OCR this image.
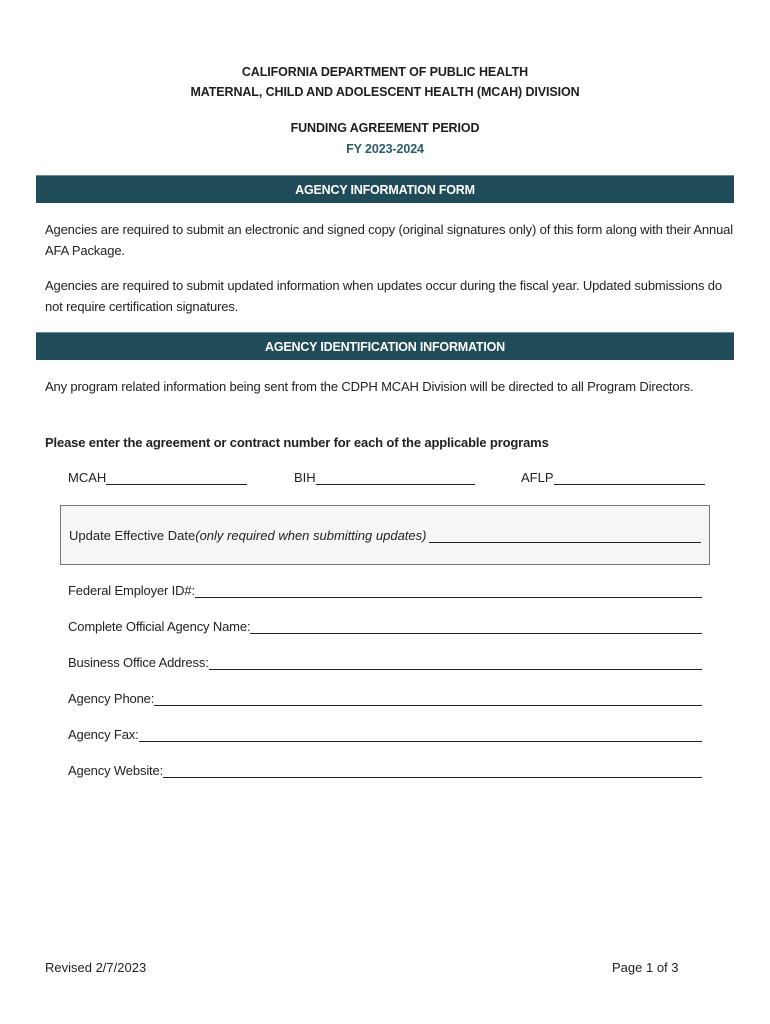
CALIFORNIA DEPARTMENT OF PUBLIC HEALTH
MATERNAL, CHILD AND ADOLESCENT HEALTH (MCAH) DIVISION
FUNDING AGREEMENT PERIOD
FY 2023-2024
AGENCY INFORMATION FORM
Agencies are required to submit an electronic and signed copy (original signatures only) of this form along with their Annual AFA Package.
Agencies are required to submit updated information when updates occur during the fiscal year. Updated submissions do not require certification signatures.
AGENCY IDENTIFICATION INFORMATION
Any program related information being sent from the CDPH MCAH Division will be directed to all Program Directors.
Please enter the agreement or contract number for each of the applicable programs
MCAH	BIH	AFLP
Update Effective Date (only required when submitting updates)
Federal Employer ID#:
Complete Official Agency Name:
Business Office Address:
Agency Phone:
Agency Fax:
Agency Website:
Revised 2/7/2023	Page 1 of 3
